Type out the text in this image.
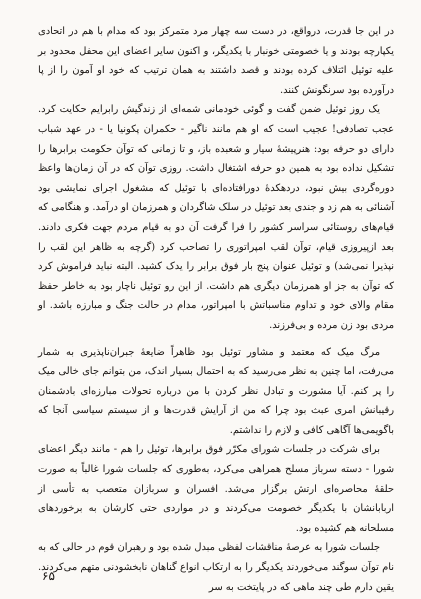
در این جا قدرت، درواقع، در دست سه چهار مرد متمرکز بود که مدام با هم در اتحادی یکپارچه بودند و یا خصومتی خونبار با یکدیگر، و اکنون سایر اعضای این محفل محدود بر علیه توئیل ائتلاف کرده بودند و قصد داشتند به همان ترتیب که خود او آمون را از پا درآورده بود سرنگونش کنند.

یک روز توئیل ضمن گفت و گوئی خودمانی شمه‌ای از زندگیش رابرایم حکایت کرد. عجب تصادفی! عجیب است که او هم مانند ناگیر - حکمران پکونیا یا - در عهد شباب دارای دو حرفه بود: هنرپیشهٔ سیار و شعبده باز، و تا زمانی که توآن حکومت برابرها را تشکیل نداده بود به همین دو حرفه اشتغال داشت. روزی توآن که در آن زمان‌ها واعظ دوره‌گردی بیش نبود، دردهکدهٔ دورافتاده‌ای با توئیل که مشغول اجرای نمایشی بود آشنائی به هم زد و جندی بعد توئیل در سلک شاگردان و همرزمان او درآمد. و هنگامی که قیام‌های روستائی سراسر کشور را فرا گرفت آن دو به قیام مردم جهت فکری دادند. بعد ازپیروزی قیام، توآن لقب امپراتوری را تصاحب کرد (گرچه به ظاهر این لقب را نپذیرا نمی‌شد) و توئیل عنوان پنج بار فوق برابر را یدک کشید. البته نباید فراموش کرد که توآن به جز او همرزمان دیگری هم داشت. از این رو توئیل ناچار بود به خاطر حفظ مقام والای خود و تداوم مناسباتش با امپراتور، مدام در حالت جنگ و مبارزه باشد. او مردی بود زن مرده و بی‌فرزند.

مرگ میک که معتمد و مشاور توئیل بود ظاهراً ضایعهٔ جبران‌ناپذیری به شمار می‌رفت، اما چنین به نظر می‌رسید که به احتمال بسیار اندک، من بتوانم جای خالی میک را پر کنم. آیا مشورت و تبادل نظر کردن با من درباره تحولات مبارزه‌ای بادشمنان رقیبانش امری عبث بود چرا که من از آرایش قدرت‌ها و از سیستم سیاسی آنجا که باگویمی‌ها آگاهی کافی و لازم را نداشتم.

برای شرکت در جلسات شورای مکرّر فوق برابرها، توئیل را هم - مانند دیگر اعضای شورا - دسته سرباز مسلح همراهی می‌کرد، به‌طوری که جلسات شورا غالباً به صورت حلقهٔ محاصره‌ای ارتش برگزار می‌شد. افسران و سربازان متعصب به تأسی از اربابانشان با یکدیگر خصومت می‌کردند و در مواردی حتی کارشان به برخوردهای مسلحانه هم کشیده بود.

جلسات شورا به عرصهٔ مناقشات لفظی مبدل شده بود و رهبران قوم در حالی که به نام توآن سوگند می‌خوردند یکدیگر را به ارتکاب انواع گناهان نابخشودنی متهم می‌کردند. یقین دارم طی چند ماهی که در پایتخت به سر

۶۵
